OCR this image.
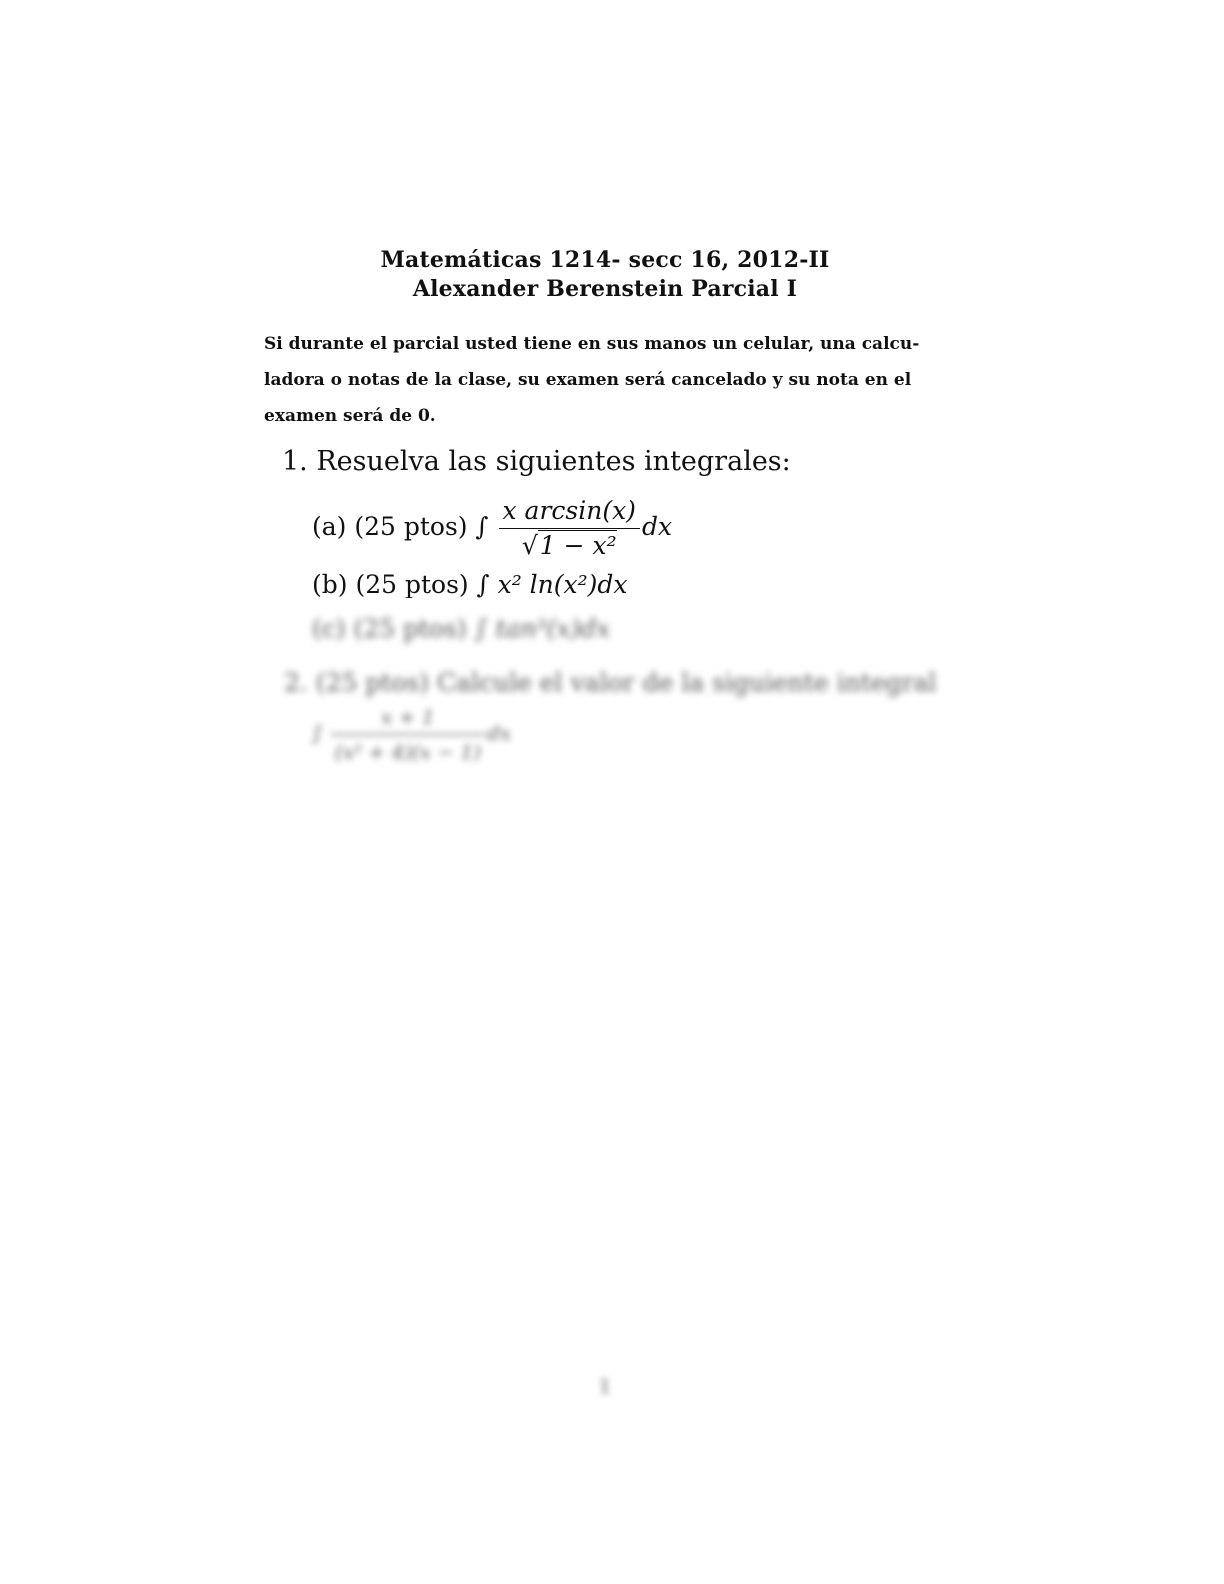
Matemáticas 1214- secc 16, 2012-II
Alexander Berenstein Parcial I
Si durante el parcial usted tiene en sus manos un celular, una calcu-
ladora o notas de la clase, su examen será cancelado y su nota en el
examen será de 0.
1. Resuelva las siguientes integrales:
(a) (25 ptos) ∫ $\frac{\text{x arcsin(x)}}{\text{√1 − x²}}$ dx
(b) (25 ptos) ∫ x² ln(x²)dx
(c) (25 ptos) ∫ tan³(x)dx
2. (25 ptos) Calcule el valor de la siguiente integral
∫ $\frac{x + 1}{\text{(x² + 4)(x − 1)}}$ dx
1
